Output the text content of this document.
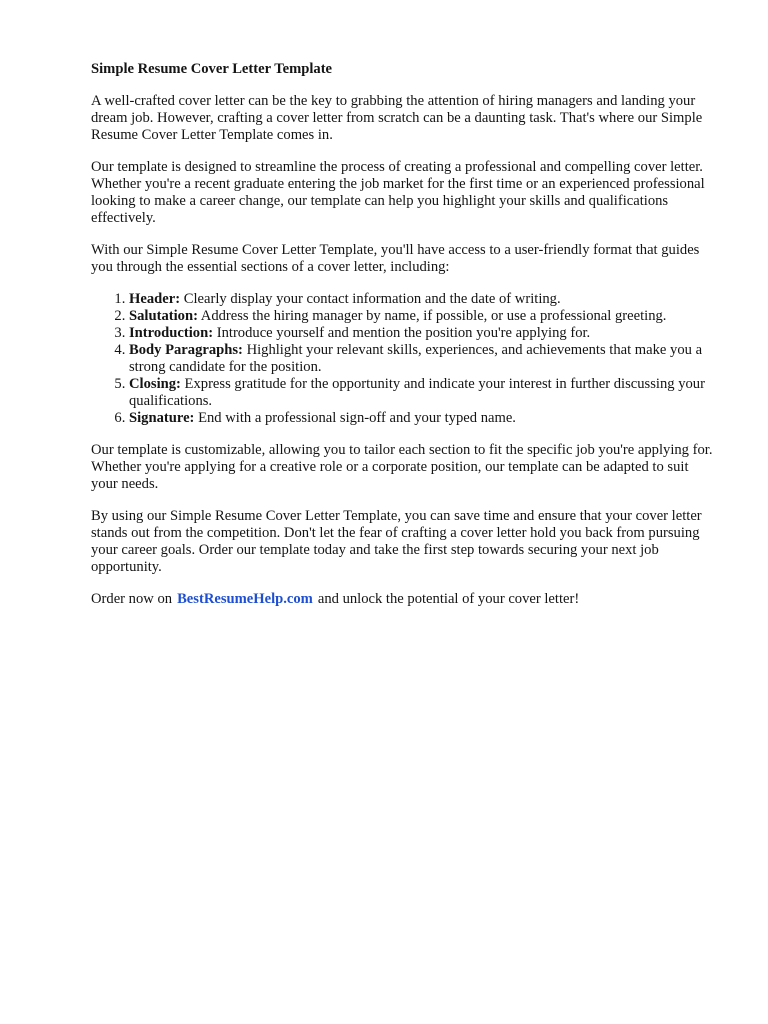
Simple Resume Cover Letter Template

A well-crafted cover letter can be the key to grabbing the attention of hiring managers and landing your dream job. However, crafting a cover letter from scratch can be a daunting task. That's where our Simple Resume Cover Letter Template comes in.

Our template is designed to streamline the process of creating a professional and compelling cover letter. Whether you're a recent graduate entering the job market for the first time or an experienced professional looking to make a career change, our template can help you highlight your skills and qualifications effectively.

With our Simple Resume Cover Letter Template, you'll have access to a user-friendly format that guides you through the essential sections of a cover letter, including:

1. Header: Clearly display your contact information and the date of writing.
2. Salutation: Address the hiring manager by name, if possible, or use a professional greeting.
3. Introduction: Introduce yourself and mention the position you're applying for.
4. Body Paragraphs: Highlight your relevant skills, experiences, and achievements that make you a strong candidate for the position.
5. Closing: Express gratitude for the opportunity and indicate your interest in further discussing your qualifications.
6. Signature: End with a professional sign-off and your typed name.

Our template is customizable, allowing you to tailor each section to fit the specific job you're applying for. Whether you're applying for a creative role or a corporate position, our template can be adapted to suit your needs.

By using our Simple Resume Cover Letter Template, you can save time and ensure that your cover letter stands out from the competition. Don't let the fear of crafting a cover letter hold you back from pursuing your career goals. Order our template today and take the first step towards securing your next job opportunity.

Order now on BestResumeHelp.com and unlock the potential of your cover letter!
